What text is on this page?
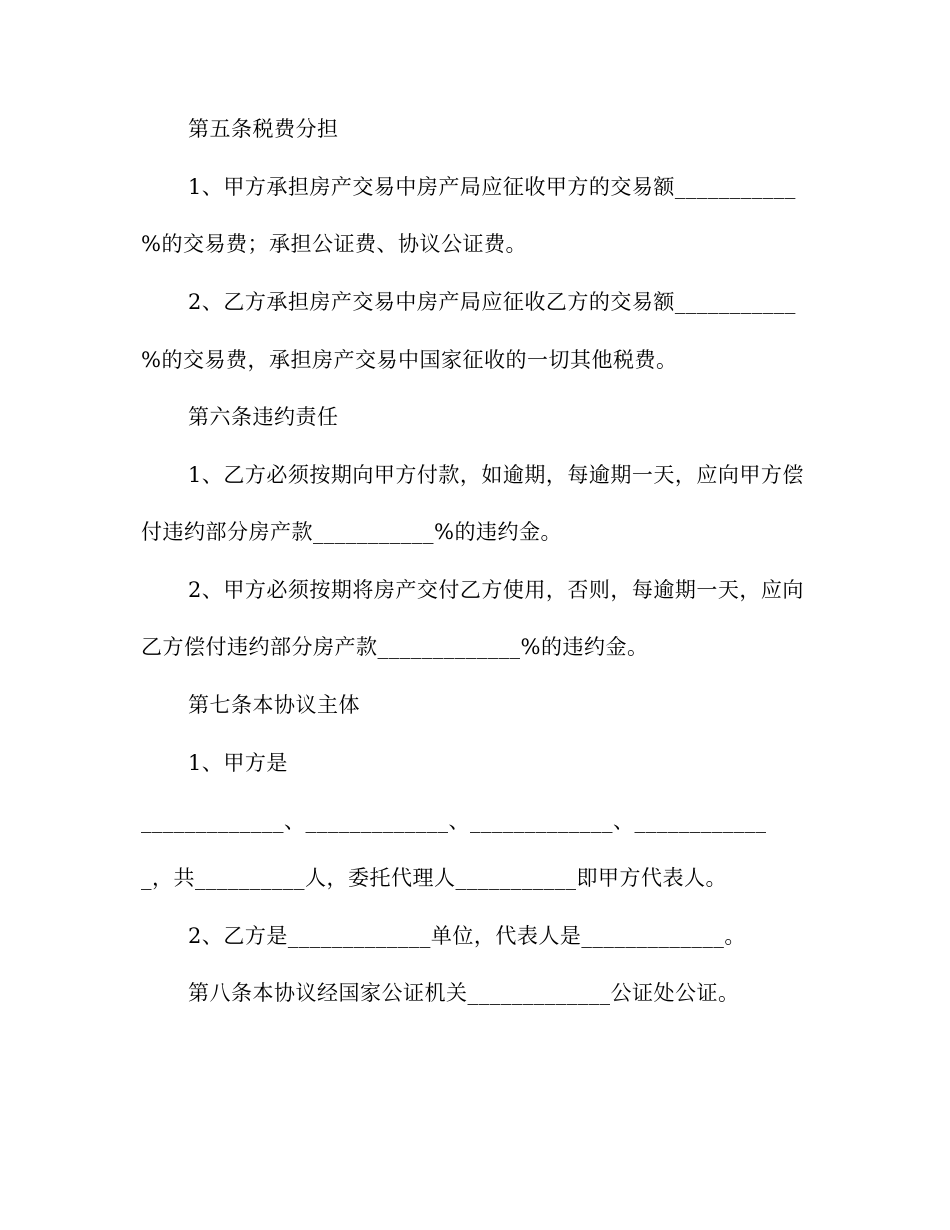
第五条税费分担
1、甲方承担房产交易中房产局应征收甲方的交易额___________
%的交易费；承担公证费、协议公证费。
2、乙方承担房产交易中房产局应征收乙方的交易额___________
%的交易费，承担房产交易中国家征收的一切其他税费。
第六条违约责任
1、乙方必须按期向甲方付款，如逾期，每逾期一天，应向甲方偿
付违约部分房产款___________%的违约金。
2、甲方必须按期将房产交付乙方使用，否则，每逾期一天，应向
乙方偿付违约部分房产款_____________%的违约金。
第七条本协议主体
1、甲方是
_____________、_____________、_____________、____________
_，共__________人，委托代理人___________即甲方代表人。
2、乙方是_____________单位，代表人是_____________。
第八条本协议经国家公证机关_____________公证处公证。
